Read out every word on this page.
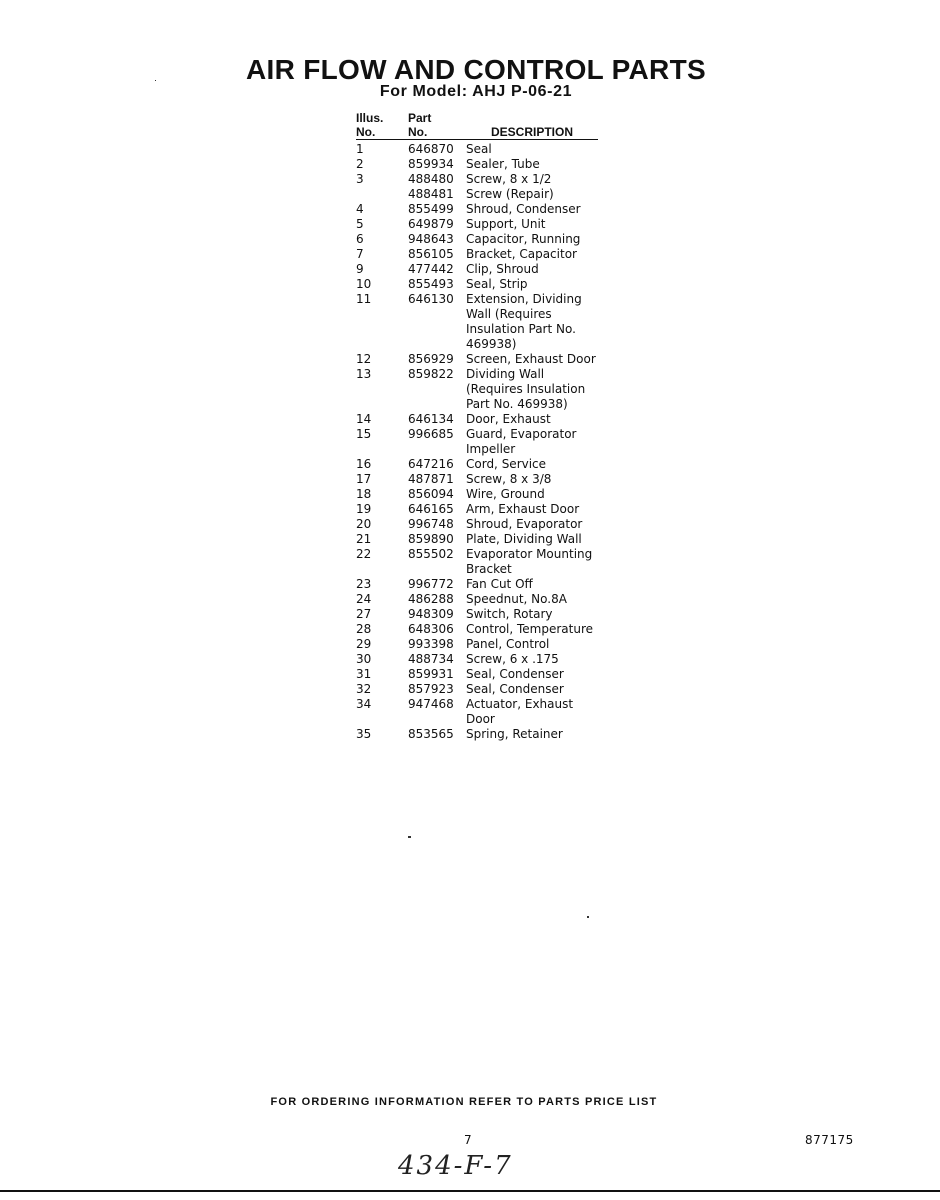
AIR FLOW AND CONTROL PARTS
For Model: AHJ P-06-21
Illus.
No.	Part
No.	DESCRIPTION
1	646870	Seal
2	859934	Sealer, Tube
3	488480	Screw, 8 x 1/2
	488481	Screw (Repair)
4	855499	Shroud, Condenser
5	649879	Support, Unit
6	948643	Capacitor, Running
7	856105	Bracket, Capacitor
9	477442	Clip, Shroud
10	855493	Seal, Strip
11	646130	Extension, Dividing Wall (Requires Insulation Part No. 469938)
12	856929	Screen, Exhaust Door
13	859822	Dividing Wall (Requires Insulation Part No. 469938)
14	646134	Door, Exhaust
15	996685	Guard, Evaporator Impeller
16	647216	Cord, Service
17	487871	Screw, 8 x 3/8
18	856094	Wire, Ground
19	646165	Arm, Exhaust Door
20	996748	Shroud, Evaporator
21	859890	Plate, Dividing Wall
22	855502	Evaporator Mounting Bracket
23	996772	Fan Cut Off
24	486288	Speednut, No.8A
27	948309	Switch, Rotary
28	648306	Control, Temperature
29	993398	Panel, Control
30	488734	Screw, 6 x .175
31	859931	Seal, Condenser
32	857923	Seal, Condenser
34	947468	Actuator, Exhaust Door
35	853565	Spring, Retainer
FOR ORDERING INFORMATION REFER TO PARTS PRICE LIST
7	877175
434-F-7
